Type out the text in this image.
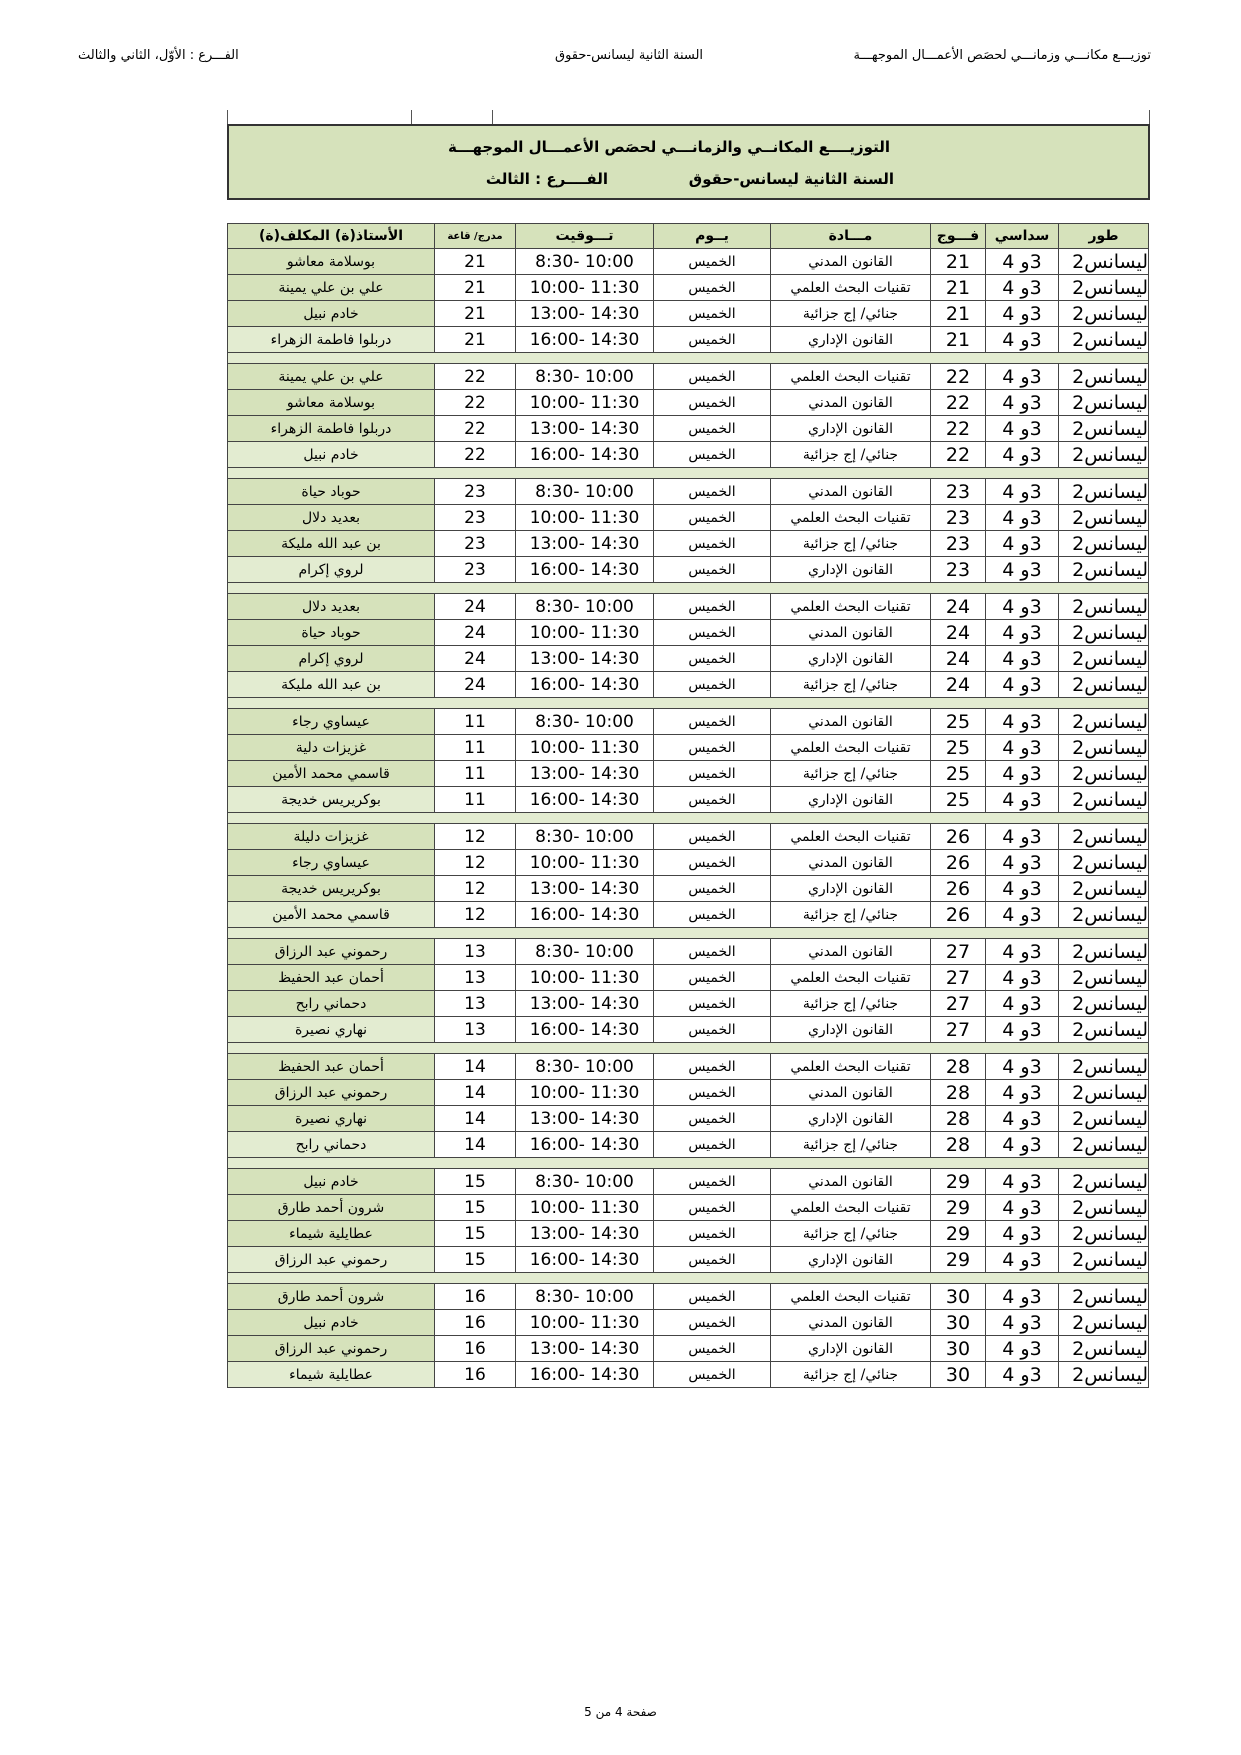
توزيـــع مكانـــي وزمانـــي لحصَص الأعمـــال الموجهـــة
السنة الثانية ليسانس-حقوق
الفـــرع : الأوّل، الثاني والثالث
التوزيــــع المكانــي والزمانـــي لحصَص الأعمـــال الموجهـــة
السنة الثانية ليسانس-حقوق
الفــــرع : الثالث
طور	سداسي	فـــوج	مـــادة	يــوم	تـــوقيت	مدرج/ قاعة	الأستاذ(ة) المكلف(ة)
ليسانس2	3و 4	21	القانون المدني	الخميس	8:30- 10:00	21	بوسلامة معاشو
ليسانس2	3و 4	21	تقنيات البحث العلمي	الخميس	10:00- 11:30	21	علي بن علي يمينة
ليسانس2	3و 4	21	جنائي/ إج جزائية	الخميس	13:00- 14:30	21	خادم نبيل
ليسانس2	3و 4	21	القانون الإداري	الخميس	16:00- 14:30	21	دربلوا فاطمة الزهراء

ليسانس2	3و 4	22	تقنيات البحث العلمي	الخميس	8:30- 10:00	22	علي بن علي يمينة
ليسانس2	3و 4	22	القانون المدني	الخميس	10:00- 11:30	22	بوسلامة معاشو
ليسانس2	3و 4	22	القانون الإداري	الخميس	13:00- 14:30	22	دربلوا فاطمة الزهراء
ليسانس2	3و 4	22	جنائي/ إج جزائية	الخميس	16:00- 14:30	22	خادم نبيل

ليسانس2	3و 4	23	القانون المدني	الخميس	8:30- 10:00	23	حوباد حياة
ليسانس2	3و 4	23	تقنيات البحث العلمي	الخميس	10:00- 11:30	23	بعديد دلال
ليسانس2	3و 4	23	جنائي/ إج جزائية	الخميس	13:00- 14:30	23	بن عبد الله مليكة
ليسانس2	3و 4	23	القانون الإداري	الخميس	16:00- 14:30	23	لروي إكرام

ليسانس2	3و 4	24	تقنيات البحث العلمي	الخميس	8:30- 10:00	24	بعديد دلال
ليسانس2	3و 4	24	القانون المدني	الخميس	10:00- 11:30	24	حوباد حياة
ليسانس2	3و 4	24	القانون الإداري	الخميس	13:00- 14:30	24	لروي إكرام
ليسانس2	3و 4	24	جنائي/ إج جزائية	الخميس	16:00- 14:30	24	بن عبد الله مليكة

ليسانس2	3و 4	25	القانون المدني	الخميس	8:30- 10:00	11	عيساوي رجاء
ليسانس2	3و 4	25	تقنيات البحث العلمي	الخميس	10:00- 11:30	11	غزيزات دلية
ليسانس2	3و 4	25	جنائي/ إج جزائية	الخميس	13:00- 14:30	11	قاسمي محمد الأمين
ليسانس2	3و 4	25	القانون الإداري	الخميس	16:00- 14:30	11	بوكريريس خديجة

ليسانس2	3و 4	26	تقنيات البحث العلمي	الخميس	8:30- 10:00	12	غزيزات دليلة
ليسانس2	3و 4	26	القانون المدني	الخميس	10:00- 11:30	12	عيساوي رجاء
ليسانس2	3و 4	26	القانون الإداري	الخميس	13:00- 14:30	12	بوكريريس خديجة
ليسانس2	3و 4	26	جنائي/ إج جزائية	الخميس	16:00- 14:30	12	قاسمي محمد الأمين

ليسانس2	3و 4	27	القانون المدني	الخميس	8:30- 10:00	13	رحموني عبد الرزاق
ليسانس2	3و 4	27	تقنيات البحث العلمي	الخميس	10:00- 11:30	13	أحمان عبد الحفيظ
ليسانس2	3و 4	27	جنائي/ إج جزائية	الخميس	13:00- 14:30	13	دحماني رابح
ليسانس2	3و 4	27	القانون الإداري	الخميس	16:00- 14:30	13	نهاري نصيرة

ليسانس2	3و 4	28	تقنيات البحث العلمي	الخميس	8:30- 10:00	14	أحمان عبد الحفيظ
ليسانس2	3و 4	28	القانون المدني	الخميس	10:00- 11:30	14	رحموني عبد الرزاق
ليسانس2	3و 4	28	القانون الإداري	الخميس	13:00- 14:30	14	نهاري نصيرة
ليسانس2	3و 4	28	جنائي/ إج جزائية	الخميس	16:00- 14:30	14	دحماني رابح

ليسانس2	3و 4	29	القانون المدني	الخميس	8:30- 10:00	15	خادم نبيل
ليسانس2	3و 4	29	تقنيات البحث العلمي	الخميس	10:00- 11:30	15	شرون أحمد طارق
ليسانس2	3و 4	29	جنائي/ إج جزائية	الخميس	13:00- 14:30	15	عطايلية شيماء
ليسانس2	3و 4	29	القانون الإداري	الخميس	16:00- 14:30	15	رحموني عبد الرزاق

ليسانس2	3و 4	30	تقنيات البحث العلمي	الخميس	8:30- 10:00	16	شرون أحمد طارق
ليسانس2	3و 4	30	القانون المدني	الخميس	10:00- 11:30	16	خادم نبيل
ليسانس2	3و 4	30	القانون الإداري	الخميس	13:00- 14:30	16	رحموني عبد الرزاق
ليسانس2	3و 4	30	جنائي/ إج جزائية	الخميس	16:00- 14:30	16	عطايلية شيماء
صفحة 4 من 5
